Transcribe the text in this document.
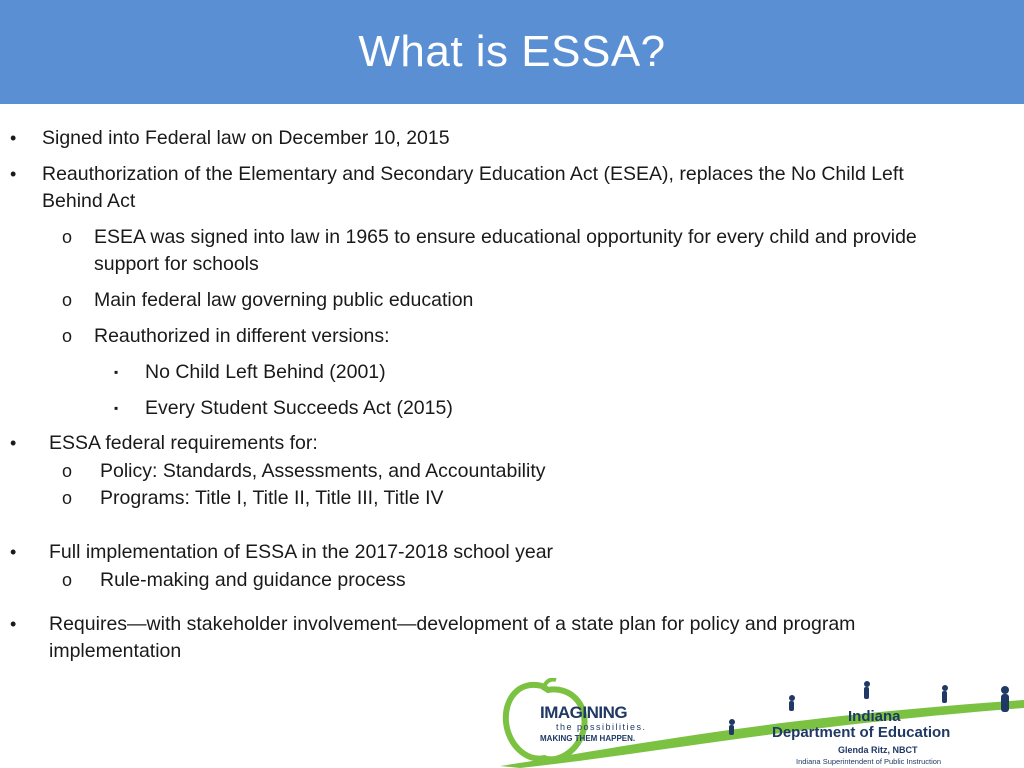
What is ESSA?
• Signed into Federal law on December 10, 2015
• Reauthorization of the Elementary and Secondary Education Act (ESEA), replaces the No Child Left
Behind Act
o ESEA was signed into law in 1965 to ensure educational opportunity for every child and provide
support for schools
o Main federal law governing public education
o Reauthorized in different versions:
▪ No Child Left Behind (2001)
▪ Every Student Succeeds Act (2015)
• ESSA federal requirements for:
o Policy: Standards, Assessments, and Accountability
o Programs: Title I, Title II, Title III, Title IV
• Full implementation of ESSA in the 2017-2018 school year
o Rule-making and guidance process
• Requires—with stakeholder involvement—development of a state plan for policy and program
implementation
IMAGINING
the possibilities.
MAKING THEM HAPPEN.
Indiana
Department of Education
Glenda Ritz, NBCT
Indiana Superintendent of Public Instruction
